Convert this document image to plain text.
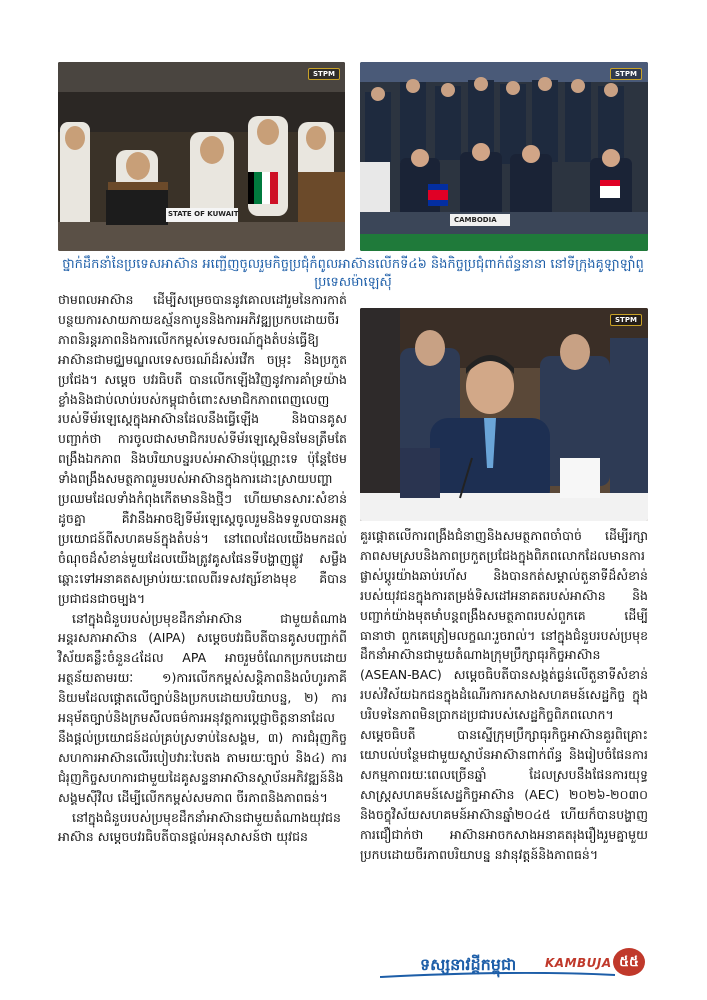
STPM
STATE OF KUWAIT
STPM
CAMBODIA
ថ្នាក់ដឹកនាំនៃប្រទេសអាស៊ាន អញ្ជើញចូលរួមកិច្ចប្រជុំកំពូលអាស៊ានលើកទី៤៦ និងកិច្ចប្រជុំពាក់ព័ន្ធនានា នៅទីក្រុងគូឡាឡាំពួ
ប្រទេសម៉ាឡេស៊ី
STPM

ថាមពលអាស៊ាន ដើម្បីសម្រេចបាននូវគោលដៅរួមនៃការកាត់បន្ថយការសាយភាយឧស្ម័នកាបូននិងការអភិវឌ្ឍប្រកបដោយចីរភាពនិរន្តរភាពនិងការលើកកម្ពស់ទេសចរណ៍ក្នុងតំបន់ធ្វើឱ្យអាស៊ានជាមជ្ឈមណ្ឌលទេសចរណ៍ដ៏រស់រវើក ចម្រុះ និងប្រកួតប្រជែង។ សម្ដេច បវរធិបតី បានលើកឡើងវិញនូវការគាំទ្រយ៉ាងខ្លាំងនិងជាប់លាប់របស់កម្ពុជាចំពោះសមាជិកភាពពេញលេញរបស់ទីម័រឡេស្តេក្នុងអាស៊ានដែលនឹងធ្វើឡើង និងបានគូសបញ្ជាក់ថា ការចូលជាសមាជិករបស់ទីម័រឡេស្តេមិនមែនត្រឹមតែពង្រឹងឯកភាព និងបរិយាបន្នរបស់អាស៊ានប៉ុណ្ណោះទេ ប៉ុន្តែថែមទាំងពង្រឹងសមត្ថភាពរួមរបស់អាស៊ានក្នុងការដោះស្រាយបញ្ហាប្រឈមដែលទាំងកំពុងកើតមាននិងថ្មីៗ ហើយមានសារៈសំខាន់ដូចគ្នា គឺវានឹងអាចឱ្យទីម័រឡេស្តេចូលរួមនិងទទួលបានអត្ថប្រយោជន៍ពីសហគមន៍ក្នុងតំបន់។ នៅពេលដែលយើងមកដល់ចំណុចដ៏សំខាន់មួយដែលយើងត្រូវគូសផែនទីបង្ហាញផ្លូវ សម្លឹងឆ្ពោះទៅអនាគតសម្រាប់រយៈពេលពីរទសវត្សរ៍ខាងមុខ គឺបានប្រជាជនជាចម្បង។

នៅក្នុងជំនួបរបស់ប្រមុខដឹកនាំអាស៊ាន ជាមួយតំណាងអន្តរសភាអាស៊ាន (AIPA) សម្ដេចបវរធិបតីបានគូសបញ្ជាក់ពីវិស័យគន្លឹះចំនួន៤ដែល APA អាចរួមចំណែកប្រកបដោយអត្ថន័យតាមរយៈ ១)ការលើកកម្ពស់សន្តិភាពនិងលំហូរភាគីនិយមដែលផ្ដោតលើច្បាប់និងប្រកបដោយបរិយាបន្ន, ២) ការអនុម័តច្បាប់និងក្រមសីលធម៌ការអនុវត្តការប្ដេជ្ញាចិត្តនានាដែលនឹងផ្ដល់ប្រយោជន៍ដល់គ្រប់ស្រទាប់នៃសង្គម, ៣) ការជំរុញកិច្ចសហការអាស៊ានលើរបៀបវារៈបៃតង តាមរយៈច្បាប់ និង៤) ការជំរុញកិច្ចសហការជាមួយដៃគូសន្ទនាអាស៊ានស្ថាប័នអភិវឌ្ឍន៍និងសង្គមស៊ីវិល ដើម្បីលើកកម្ពស់សមភាព ចីរភាពនិងភាពធន់។

នៅក្នុងជំនួបរបស់ប្រមុខដឹកនាំអាស៊ានជាមួយតំណាងយុវជនអាស៊ាន សម្ដេចបវរធិបតីបានផ្ដល់អនុសាសន៍ថា យុវជន

គួរផ្ដោតលើការពង្រឹងជំនាញនិងសមត្ថភាពចាំបាច់ ដើម្បីរក្សាភាពសមស្របនិងភាពប្រកួតប្រជែងក្នុងពិភពលោកដែលមានការផ្លាស់ប្ដូរយ៉ាងឆាប់រហ័ស និងបានកត់សម្គាល់តួនាទីដ៏សំខាន់របស់យុវជនក្នុងការតម្រង់ទិសដៅអនាគតរបស់អាស៊ាន និងបញ្ជាក់យ៉ាងមុតមាំបន្តពង្រឹងសមត្ថភាពរបស់ពួកគេ ដើម្បីធានាថា ពួកគេត្រៀមលក្ខណៈរួចរាល់។ នៅក្នុងជំនួបរបស់ប្រមុខដឹកនាំអាស៊ានជាមួយតំណាងក្រុមប្រឹក្សាធុរកិច្ចអាស៊ាន (ASEAN-BAC) សម្ដេចធិបតីបានសង្កត់ធ្ងន់លើតួនាទីសំខាន់របស់វិស័យឯកជនក្នុងដំណើរការកសាងសហគមន៍សេដ្ឋកិច្ច ក្នុងបរិបទនៃភាពមិនប្រាកដប្រជារបស់សេដ្ឋកិច្ចពិភពលោក។ សម្ដេចធិបតី បានស្នើក្រុមប្រឹក្សាធុរកិច្ចអាស៊ានគួរពិគ្រោះយោបល់បន្ថែមជាមួយស្ថាប័នអាស៊ានពាក់ព័ន្ធ និងរៀបចំផែនការសកម្មភាពរយៈពេលច្រើនឆ្នាំ ដែលស្របនឹងផែនការយុទ្ធសាស្ត្រសហគមន៍សេដ្ឋកិច្ចអាស៊ាន (AEC) ២០២៦-២០៣០ និងចក្ខុវិស័យសហគមន៍អាស៊ានឆ្នាំ២០៤៥ ហើយក៏បានបង្ហាញការជឿជាក់ថា អាស៊ានអាចកសាងអនាគតរុងរឿងរួមគ្នាមួយប្រកបដោយចីរភាពបរិយាបន្ន នវានុវត្តន៍និងភាពធន់។

ទស្សនាវដ្ដីកម្ពុជា KAMBUJA ៥៥
